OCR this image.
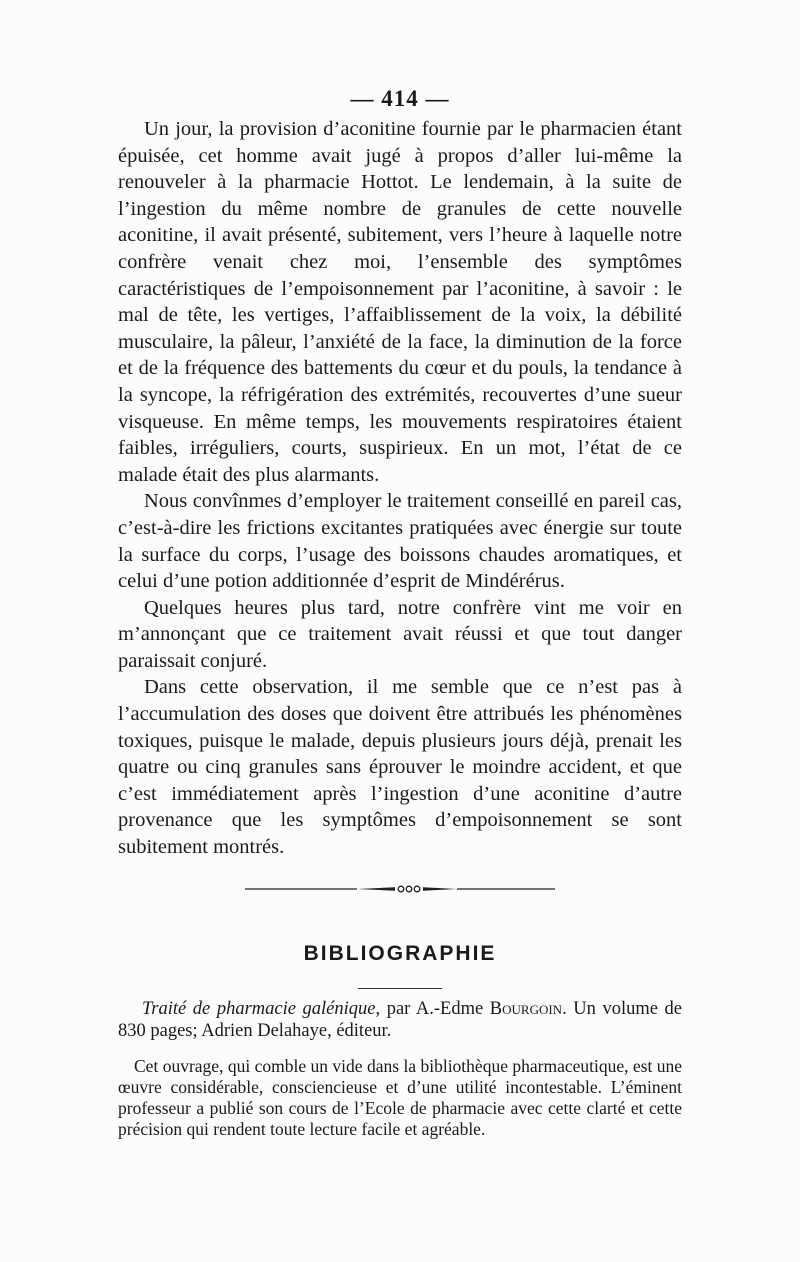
— 414 —

Un jour, la provision d’aconitine fournie par le pharmacien étant épuisée, cet homme avait jugé à propos d’aller lui-même la renouveler à la pharmacie Hottot. Le lendemain, à la suite de l’ingestion du même nombre de granules de cette nouvelle aconitine, il avait présenté, subitement, vers l’heure à laquelle notre confrère venait chez moi, l’ensemble des symptômes caractéristiques de l’empoisonnement par l’aconitine, à savoir : le mal de tête, les vertiges, l’affaiblissement de la voix, la débilité musculaire, la pâleur, l’anxiété de la face, la diminution de la force et de la fréquence des battements du cœur et du pouls, la tendance à la syncope, la réfrigération des extrémités, recouvertes d’une sueur visqueuse. En même temps, les mouvements respiratoires étaient faibles, irréguliers, courts, suspirieux. En un mot, l’état de ce malade était des plus alarmants.

Nous convînmes d’employer le traitement conseillé en pareil cas, c’est-à-dire les frictions excitantes pratiquées avec énergie sur toute la surface du corps, l’usage des boissons chaudes aromatiques, et celui d’une potion additionnée d’esprit de Mindérérus.

Quelques heures plus tard, notre confrère vint me voir en m’annonçant que ce traitement avait réussi et que tout danger paraissait conjuré.

Dans cette observation, il me semble que ce n’est pas à l’accumulation des doses que doivent être attribués les phénomènes toxiques, puisque le malade, depuis plusieurs jours déjà, prenait les quatre ou cinq granules sans éprouver le moindre accident, et que c’est immédiatement après l’ingestion d’une aconitine d’autre provenance que les symptômes d’empoisonnement se sont subitement montrés.

BIBLIOGRAPHIE

Traité de pharmacie galénique, par A.-Edme Bourgoin. Un volume de 830 pages; Adrien Delahaye, éditeur.

Cet ouvrage, qui comble un vide dans la bibliothèque pharmaceutique, est une œuvre considérable, consciencieuse et d’une utilité incontestable. L’éminent professeur a publié son cours de l’Ecole de pharmacie avec cette clarté et cette précision qui rendent toute lecture facile et agréable.
